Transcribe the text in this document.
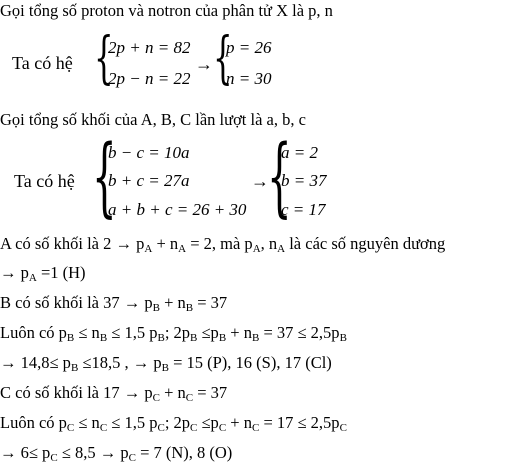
Gọi tổng số proton và notron của phân tử X là p, n
Ta có hệ {
2p + n = 82
2p − n = 22
→ {
p = 26
n = 30
Gọi tổng số khối của A, B, C lần lượt là a, b, c
Ta có hệ {
b − c = 10a
b + c = 27a
a + b + c = 26 + 30
→
{
a = 2
b = 37
c = 17
A có số khối là $2 \to p_A + n_A = 2$, mà $p_A$, $n_A$ là các số nguyên dương
→ $p_A =1$ (H)
B có số khối là $37 \to p_B + n_B = 37$
Luôn có $p_B \le n_B \le 1,5$ $p_B$; $2p_B \le p_B + n_B = 37 \le 2,5p_B$
→ $14,8\le p_B \le 18,5$ , → $p_B = 15$ (P), 16 (S), 17 (Cl)
C có số khối là $17 \to p_C + n_C = 37$
Luôn có $p_C \le n_C \le 1,5$ $p_C$; $2p_C \le p_C + n_C = 17 \le 2,5p_C$
→ $6\le p_C \le 8,5 \to p_C = 7$ (N), 8 (O)
